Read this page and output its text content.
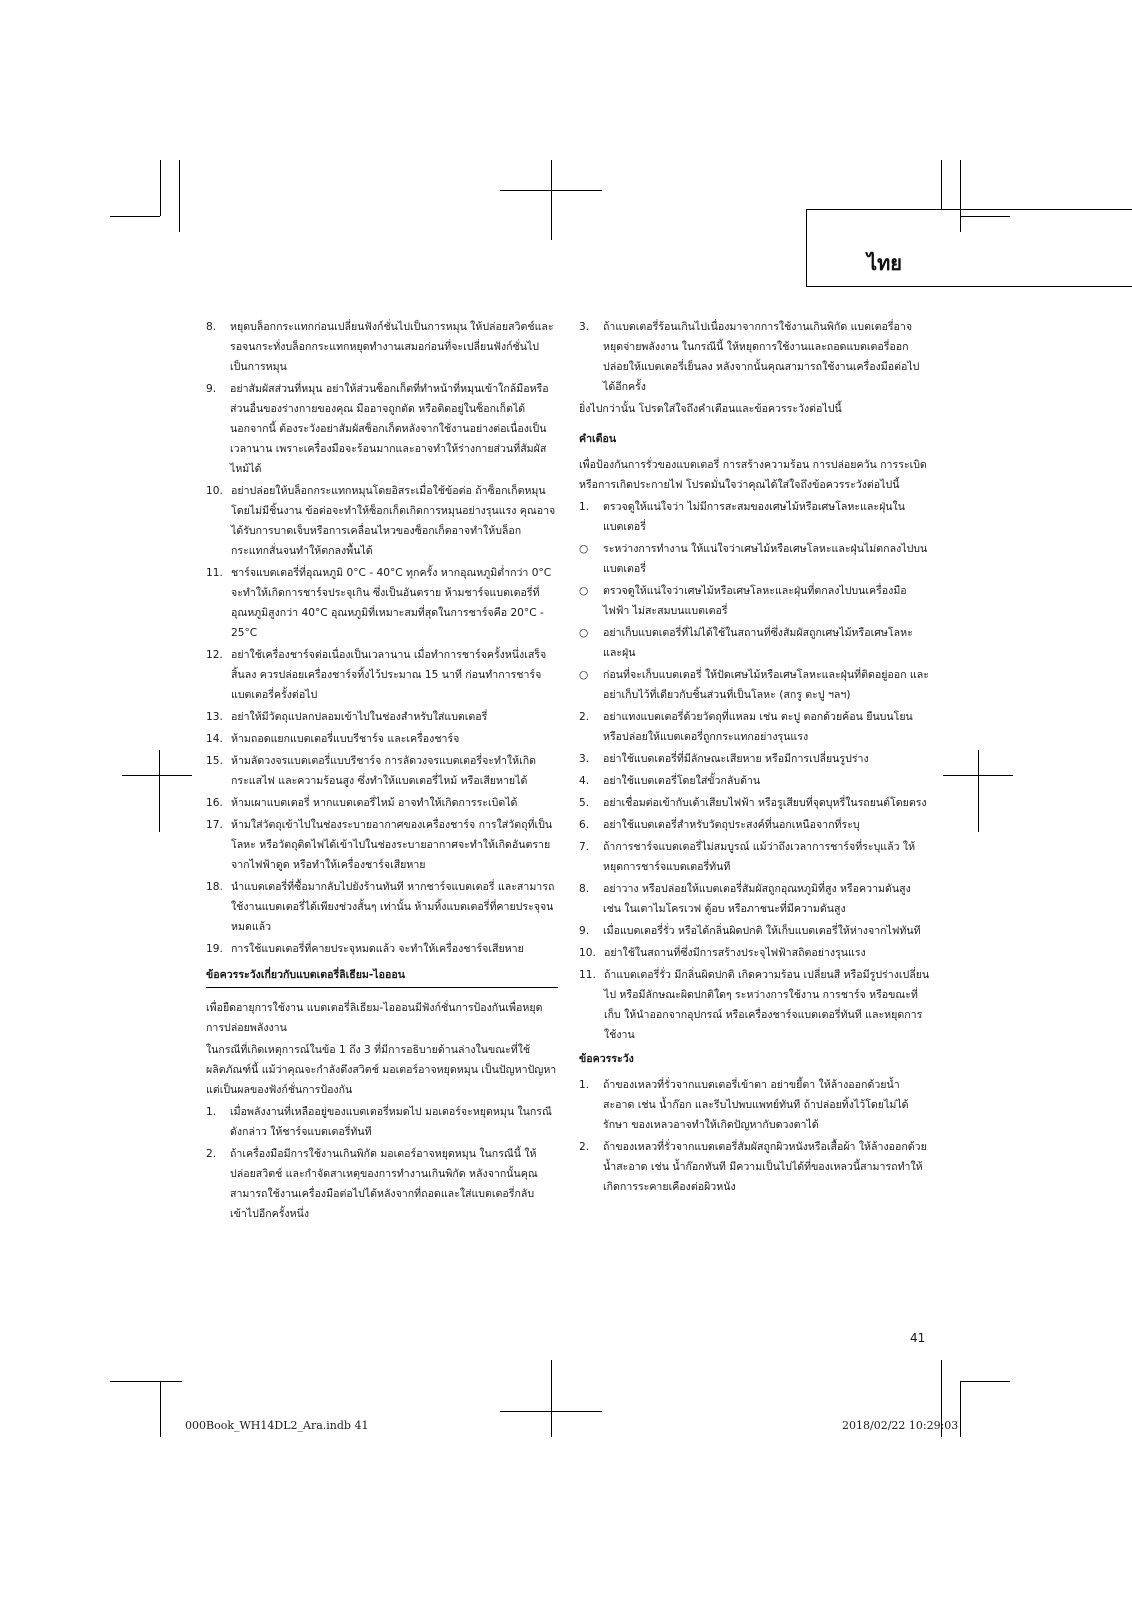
ไทย
8.	หยุดบล็อกกระแทกก่อนเปลี่ยนฟังก์ชั่นไปเป็นการหมุน ให้ปล่อยสวิตช์และรอจนกระทั่งบล็อกกระแทกหยุดทำงานเสมอก่อนที่จะเปลี่ยนฟังก์ชั่นไปเป็นการหมุน
9.	อย่าสัมผัสส่วนที่หมุน อย่าให้ส่วนซ็อกเก็ตที่ทำหน้าที่หมุนเข้าใกล้มือหรือส่วนอื่นของร่างกายของคุณ มืออาจถูกตัด หรือติดอยู่ในซ็อกเก็ตได้ นอกจากนี้ ต้องระวังอย่าสัมผัสซ็อกเก็ตหลังจากใช้งานอย่างต่อเนื่องเป็นเวลานาน เพราะเครื่องมือจะร้อนมากและอาจทำให้ร่างกายส่วนที่สัมผัสไหม้ได้
10. อย่าปล่อยให้บล็อกกระแทกหมุนโดยอิสระเมื่อใช้ข้อต่อ ถ้าซ็อกเก็ตหมุนโดยไม่มีชิ้นงาน ข้อต่อจะทำให้ซ็อกเก็ตเกิดการหมุนอย่างรุนแรง คุณอาจได้รับการบาดเจ็บหรือการเคลื่อนไหวของซ็อกเก็ตอาจทำให้บล็อกกระแทกสั่นจนทำให้ตกลงพื้นได้
11. ชาร์จแบตเตอรี่ที่อุณหภูมิ 0°C - 40°C ทุกครั้ง หากอุณหภูมิต่ำกว่า 0°C จะทำให้เกิดการชาร์จประจุเกิน ซึ่งเป็นอันตราย ห้ามชาร์จแบตเตอรี่ที่อุณหภูมิสูงกว่า 40°C อุณหภูมิที่เหมาะสมที่สุดในการชาร์จคือ 20°C - 25°C
12. อย่าใช้เครื่องชาร์จต่อเนื่องเป็นเวลานาน เมื่อทำการชาร์จครั้งหนึ่งเสร็จสิ้นลง ควรปล่อยเครื่องชาร์จทิ้งไว้ประมาณ 15 นาที ก่อนทำการชาร์จแบตเตอรี่ครั้งต่อไป
13. อย่าให้มีวัตถุแปลกปลอมเข้าไปในช่องสำหรับใส่แบตเตอรี่
14. ห้ามถอดแยกแบตเตอรี่แบบรีชาร์จ และเครื่องชาร์จ
15. ห้ามลัดวงจรแบตเตอรี่แบบรีชาร์จ การลัดวงจรแบตเตอรี่จะทำให้เกิดกระแสไฟ และความร้อนสูง ซึ่งทำให้แบตเตอรี่ไหม้ หรือเสียหายได้
16. ห้ามเผาแบตเตอรี่ หากแบตเตอรี่ไหม้ อาจทำให้เกิดการระเบิดได้
17. ห้ามใส่วัตถุเข้าไปในช่องระบายอากาศของเครื่องชาร์จ การใส่วัตถุที่เป็นโลหะ หรือวัตถุติดไฟได้เข้าไปในช่องระบายอากาศจะทำให้เกิดอันตรายจากไฟฟ้าดูด หรือทำให้เครื่องชาร์จเสียหาย
18. นำแบตเตอรี่ที่ซื้อมากลับไปยังร้านทันที หากชาร์จแบตเตอรี่ และสามารถใช้งานแบตเตอรี่ได้เพียงช่วงสั้นๆ เท่านั้น ห้ามทิ้งแบตเตอรี่ที่คายประจุจนหมดแล้ว
19. การใช้แบตเตอรี่ที่คายประจุหมดแล้ว จะทำให้เครื่องชาร์จเสียหาย
ข้อควรระวังเกี่ยวกับแบตเตอรี่ลิเธียม-ไอออน
เพื่อยืดอายุการใช้งาน แบตเตอรี่ลิเธียม-ไอออนมีฟังก์ชั่นการป้องกันเพื่อหยุดการปล่อยพลังงาน
ในกรณีที่เกิดเหตุการณ์ในข้อ 1 ถึง 3 ที่มีการอธิบายด้านล่างในขณะที่ใช้ผลิตภัณฑ์นี้ แม้ว่าคุณจะกำลังดึงสวิตช์ มอเตอร์อาจหยุดหมุน เป็นปัญหาปัญหา แต่เป็นผลของฟังก์ชั่นการป้องกัน
1.	เมื่อพลังงานที่เหลืออยู่ของแบตเตอรี่หมดไป มอเตอร์จะหยุดหมุน ในกรณีดังกล่าว ให้ชาร์จแบตเตอรี่ทันที
2.	ถ้าเครื่องมือมีการใช้งานเกินพิกัด มอเตอร์อาจหยุดหมุน ในกรณีนี้ ให้ปล่อยสวิตช์ และกำจัดสาเหตุของการทำงานเกินพิกัด หลังจากนั้นคุณสามารถใช้งานเครื่องมือต่อไปได้หลังจากที่ถอดและใส่แบตเตอรี่กลับเข้าไปอีกครั้งหนึ่ง
3.	ถ้าแบตเตอรี่ร้อนเกินไปเนื่องมาจากการใช้งานเกินพิกัด แบตเตอรี่อาจหยุดจ่ายพลังงาน ในกรณีนี้ ให้หยุดการใช้งานและถอดแบตเตอรี่ออก ปล่อยให้แบตเตอรี่เย็นลง หลังจากนั้นคุณสามารถใช้งานเครื่องมือต่อไปได้อีกครั้ง
ยิ่งไปกว่านั้น โปรดใส่ใจถึงคำเตือนและข้อควรระวังต่อไปนี้
คำเตือน
เพื่อป้องกันการรั่วของแบตเตอรี่ การสร้างความร้อน การปล่อยควัน การระเบิด หรือการเกิดประกายไฟ โปรดมั่นใจว่าคุณได้ใส่ใจถึงข้อควรระวังต่อไปนี้
1.	ตรวจดูให้แน่ใจว่า ไม่มีการสะสมของเศษไม้หรือเศษโลหะและฝุ่นในแบตเตอรี่
○	ระหว่างการทำงาน ให้แน่ใจว่าเศษไม้หรือเศษโลหะและฝุ่นไม่ตกลงไปบนแบตเตอรี่
○	ตรวจดูให้แน่ใจว่าเศษไม้หรือเศษโลหะและฝุ่นที่ตกลงไปบนเครื่องมือไฟฟ้า ไม่สะสมบนแบตเตอรี่
○	อย่าเก็บแบตเตอรี่ที่ไม่ได้ใช้ในสถานที่ซึ่งสัมผัสถูกเศษไม้หรือเศษโลหะและฝุ่น
○	ก่อนที่จะเก็บแบตเตอรี่ ให้ปัดเศษไม้หรือเศษโลหะและฝุ่นที่ติดอยู่ออก และอย่าเก็บไว้ที่เดียวกับชิ้นส่วนที่เป็นโลหะ (สกรู ตะปู ฯลฯ)
2.	อย่าแทงแบตเตอรี่ด้วยวัตถุที่แหลม เช่น ตะปู ตอกด้วยค้อน ยืนบนโยน หรือปล่อยให้แบตเตอรี่ถูกกระแทกอย่างรุนแรง
3.	อย่าใช้แบตเตอรี่ที่มีลักษณะเสียหาย หรือมีการเปลี่ยนรูปร่าง
4.	อย่าใช้แบตเตอรี่โดยใส่ขั้วกลับด้าน
5.	อย่าเชื่อมต่อเข้ากับเต้าเสียบไฟฟ้า หรือรูเสียบที่จุดบุหรี่ในรถยนต์โดยตรง
6.	อย่าใช้แบตเตอรี่สำหรับวัตถุประสงค์ที่นอกเหนือจากที่ระบุ
7.	ถ้าการชาร์จแบตเตอรี่ไม่สมบูรณ์ แม้ว่าถึงเวลาการชาร์จที่ระบุแล้ว ให้หยุดการชาร์จแบตเตอรี่ทันที
8.	อย่าวาง หรือปล่อยให้แบตเตอรี่สัมผัสถูกอุณหภูมิที่สูง หรือความดันสูง เช่น ในเตาไมโครเวฟ ตู้อบ หรือภาชนะที่มีความดันสูง
9.	เมื่อแบตเตอรี่รั่ว หรือได้กลิ่นผิดปกติ ให้เก็บแบตเตอรี่ให้ห่างจากไฟทันที
10. อย่าใช้ในสถานที่ซึ่งมีการสร้างประจุไฟฟ้าสถิตอย่างรุนแรง
11. ถ้าแบตเตอรี่รั่ว มีกลิ่นผิดปกติ เกิดความร้อน เปลี่ยนสี หรือมีรูปร่างเปลี่ยนไป หรือมีลักษณะผิดปกติใดๆ ระหว่างการใช้งาน การชาร์จ หรือขณะที่เก็บ ให้นำออกจากอุปกรณ์ หรือเครื่องชาร์จแบตเตอรี่ทันที และหยุดการใช้งาน
ข้อควรระวัง
1.	ถ้าของเหลวที่รั่วจากแบตเตอรี่เข้าตา อย่าขยี้ตา ให้ล้างออกด้วยน้ำสะอาด เช่น น้ำก๊อก และรีบไปพบแพทย์ทันที ถ้าปล่อยทิ้งไว้โดยไม่ได้รักษา ของเหลวอาจทำให้เกิดปัญหากับดวงตาได้
2.	ถ้าของเหลวที่รั่วจากแบตเตอรี่สัมผัสถูกผิวหนังหรือเสื้อผ้า ให้ล้างออกด้วยน้ำสะอาด เช่น น้ำก๊อกทันที มีความเป็นไปได้ที่ของเหลวนี้สามารถทำให้เกิดการระคายเคืองต่อผิวหนัง
41
000Book_WH14DL2_Ara.indb 41	2018/02/22 10:29:03
